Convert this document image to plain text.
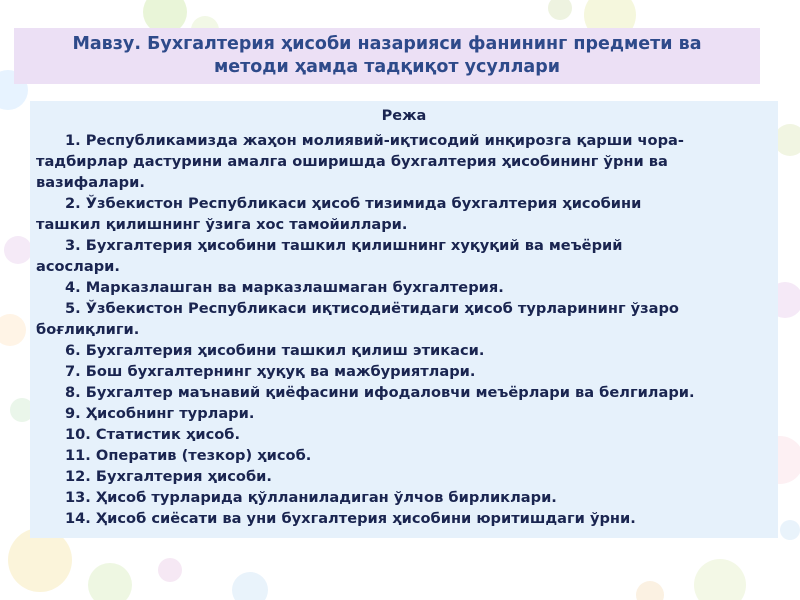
Мавзу. Бухгалтерия ҳисоби назарияси фанининг предмети ва
методи ҳамда тадқиқот усуллари
Режа
1. Республикамизда жаҳон молиявий-иқтисодий инқирозга қарши чора-
тадбирлар дастурини амалга оширишда бухгалтерия ҳисобининг ўрни ва
вазифалари.
2. Ўзбекистон Республикаси ҳисоб тизимида бухгалтерия ҳисобини
ташкил қилишнинг ўзига хос тамойиллари.
3. Бухгалтерия ҳисобини ташкил қилишнинг хуқуқий ва меъёрий
асослари.
4. Марказлашган ва марказлашмаган бухгалтерия.
5. Ўзбекистон Республикаси иқтисодиётидаги ҳисоб турларининг ўзаро
боғлиқлиги.
6. Бухгалтерия ҳисобини ташкил қилиш этикаси.
7. Бош бухгалтернинг ҳуқуқ ва мажбуриятлари.
8. Бухгалтер маънавий қиёфасини ифодаловчи меъёрлари ва белгилари.
9. Ҳисобнинг турлари.
10. Статистик ҳисоб.
11. Оператив (тезкор) ҳисоб.
12. Бухгалтерия ҳисоби.
13. Ҳисоб турларида қўлланиладиган ўлчов бирликлари.
14. Ҳисоб сиёсати ва уни бухгалтерия ҳисобини юритишдаги ўрни.
